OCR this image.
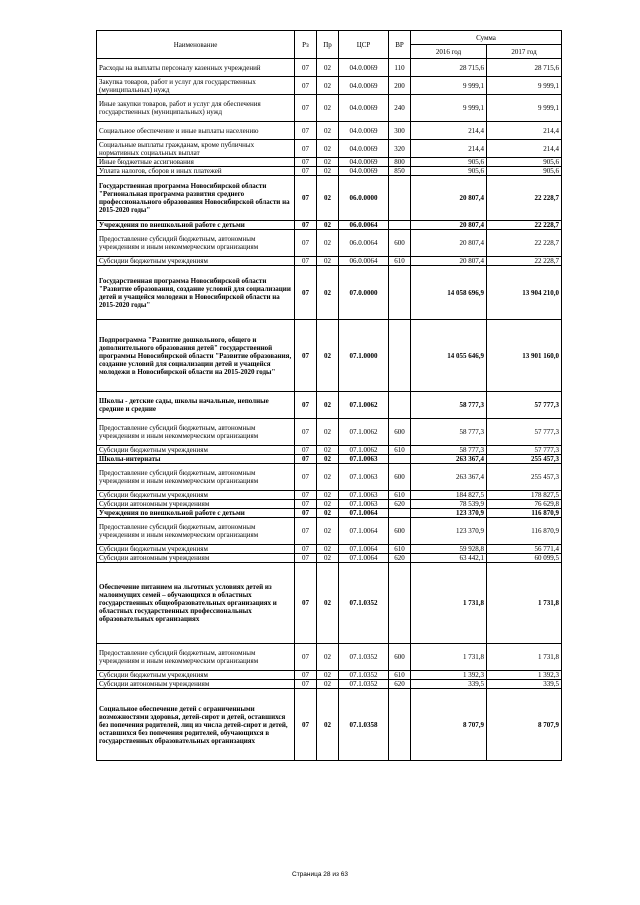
Наименование	Рз	Пр	ЦСР	ВР	Сумма	
					2016 год	2017 год
Расходы на выплаты персоналу казенных учреждений	07	02	04.0.0069	110	28 715,6	28 715,6
Закупка товаров, работ и услуг для государственных (муниципальных) нужд	07	02	04.0.0069	200	9 999,1	9 999,1
Иные закупки товаров, работ и услуг для обеспечения государственных (муниципальных) нужд	07	02	04.0.0069	240	9 999,1	9 999,1
Социальное обеспечение и иные выплаты населению	07	02	04.0.0069	300	214,4	214,4
Социальные выплаты гражданам, кроме публичных нормативных социальных выплат	07	02	04.0.0069	320	214,4	214,4
Иные бюджетные ассигнования	07	02	04.0.0069	800	905,6	905,6
Уплата налогов, сборов и иных платежей	07	02	04.0.0069	850	905,6	905,6
Государственная программа Новосибирской области "Региональная программа развития среднего профессионального образования Новосибирской области на 2015-2020 годы"	07	02	06.0.0000		20 807,4	22 228,7
Учреждения по внешкольной работе с детьми	07	02	06.0.0064		20 807,4	22 228,7
Предоставление субсидий бюджетным, автономным учреждениям и иным некоммерческим организациям	07	02	06.0.0064	600	20 807,4	22 228,7
Субсидии бюджетным учреждениям	07	02	06.0.0064	610	20 807,4	22 228,7
Государственная программа Новосибирской области "Развитие образования, создание условий для социализации детей и учащейся молодежи в Новосибирской области на 2015-2020 годы"	07	02	07.0.0000		14 058 696,9	13 904 210,0
Подпрограмма "Развитие дошкольного, общего и дополнительного образования детей" государственной программы Новосибирской области "Развитие образования, создание условий для социализации детей и учащейся молодежи в Новосибирской области на 2015-2020 годы"	07	02	07.1.0000		14 055 646,9	13 901 160,0
Школы - детские сады, школы начальные, неполные средние и средние	07	02	07.1.0062		58 777,3	57 777,3
Предоставление субсидий бюджетным, автономным учреждениям и иным некоммерческим организациям	07	02	07.1.0062	600	58 777,3	57 777,3
Субсидии бюджетным учреждениям	07	02	07.1.0062	610	58 777,3	57 777,3
Школы-интернаты	07	02	07.1.0063		263 367,4	255 457,3
Предоставление субсидий бюджетным, автономным учреждениям и иным некоммерческим организациям	07	02	07.1.0063	600	263 367,4	255 457,3
Субсидии бюджетным учреждениям	07	02	07.1.0063	610	184 827,5	178 827,5
Субсидии автономным учреждениям	07	02	07.1.0063	620	78 539,9	76 629,8
Учреждения по внешкольной работе с детьми	07	02	07.1.0064		123 370,9	116 870,9
Предоставление субсидий бюджетным, автономным учреждениям и иным некоммерческим организациям	07	02	07.1.0064	600	123 370,9	116 870,9
Субсидии бюджетным учреждениям	07	02	07.1.0064	610	59 928,8	56 771,4
Субсидии автономным учреждениям	07	02	07.1.0064	620	63 442,1	60 099,5
Обеспечение питанием на льготных условиях детей из малоимущих семей – обучающихся в областных государственных общеобразовательных организациях и областных государственных профессиональных образовательных организациях	07	02	07.1.0352		1 731,8	1 731,8
Предоставление субсидий бюджетным, автономным учреждениям и иным некоммерческим организациям	07	02	07.1.0352	600	1 731,8	1 731,8
Субсидии бюджетным учреждениям	07	02	07.1.0352	610	1 392,3	1 392,3
Субсидии автономным учреждениям	07	02	07.1.0352	620	339,5	339,5
Социальное обеспечение детей с ограниченными возможностями здоровья, детей-сирот и детей, оставшихся без попечения родителей, лиц из числа детей-сирот и детей, оставшихся без попечения родителей, обучающихся в государственных образовательных организациях	07	02	07.1.0358		8 707,9	8 707,9
Страница 28 из 63
